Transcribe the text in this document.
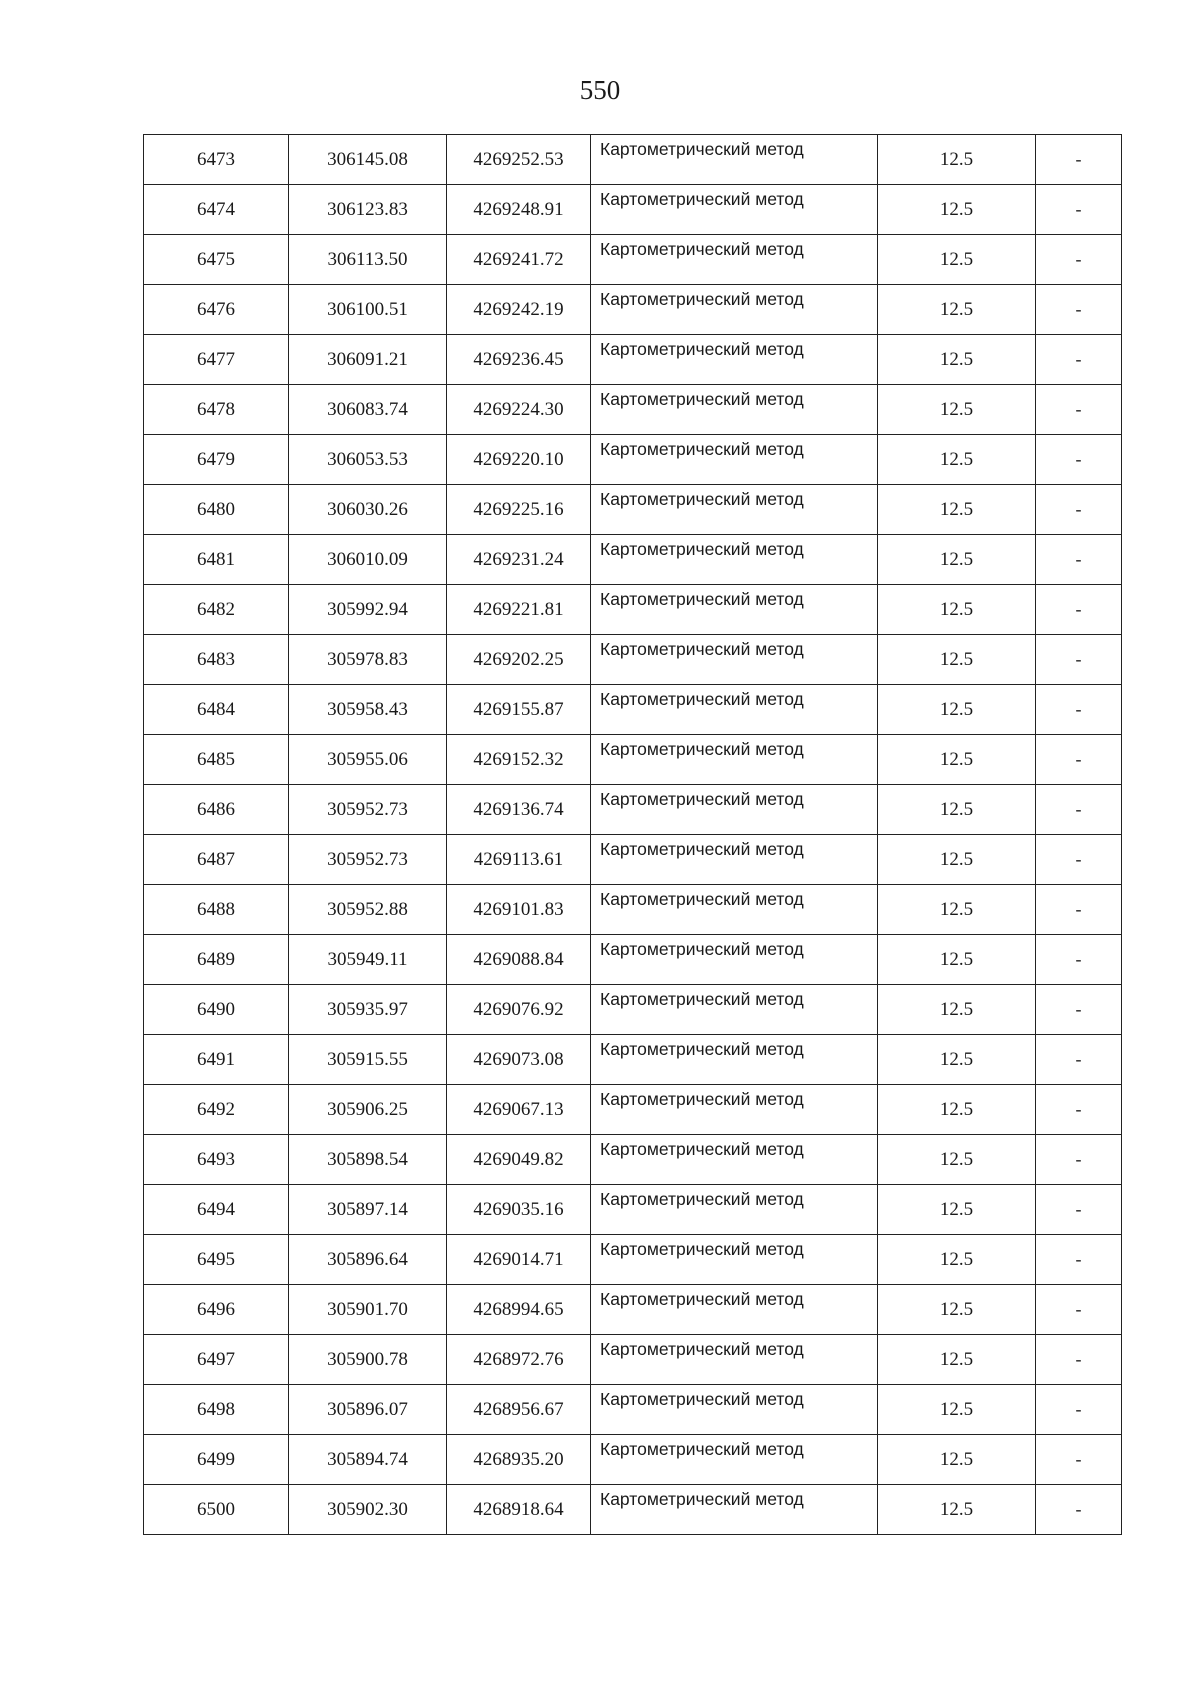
550
6473	306145.08	4269252.53	Картометрический метод	12.5	-
6474	306123.83	4269248.91	Картометрический метод	12.5	-
6475	306113.50	4269241.72	Картометрический метод	12.5	-
6476	306100.51	4269242.19	Картометрический метод	12.5	-
6477	306091.21	4269236.45	Картометрический метод	12.5	-
6478	306083.74	4269224.30	Картометрический метод	12.5	-
6479	306053.53	4269220.10	Картометрический метод	12.5	-
6480	306030.26	4269225.16	Картометрический метод	12.5	-
6481	306010.09	4269231.24	Картометрический метод	12.5	-
6482	305992.94	4269221.81	Картометрический метод	12.5	-
6483	305978.83	4269202.25	Картометрический метод	12.5	-
6484	305958.43	4269155.87	Картометрический метод	12.5	-
6485	305955.06	4269152.32	Картометрический метод	12.5	-
6486	305952.73	4269136.74	Картометрический метод	12.5	-
6487	305952.73	4269113.61	Картометрический метод	12.5	-
6488	305952.88	4269101.83	Картометрический метод	12.5	-
6489	305949.11	4269088.84	Картометрический метод	12.5	-
6490	305935.97	4269076.92	Картометрический метод	12.5	-
6491	305915.55	4269073.08	Картометрический метод	12.5	-
6492	305906.25	4269067.13	Картометрический метод	12.5	-
6493	305898.54	4269049.82	Картометрический метод	12.5	-
6494	305897.14	4269035.16	Картометрический метод	12.5	-
6495	305896.64	4269014.71	Картометрический метод	12.5	-
6496	305901.70	4268994.65	Картометрический метод	12.5	-
6497	305900.78	4268972.76	Картометрический метод	12.5	-
6498	305896.07	4268956.67	Картометрический метод	12.5	-
6499	305894.74	4268935.20	Картометрический метод	12.5	-
6500	305902.30	4268918.64	Картометрический метод	12.5	-
